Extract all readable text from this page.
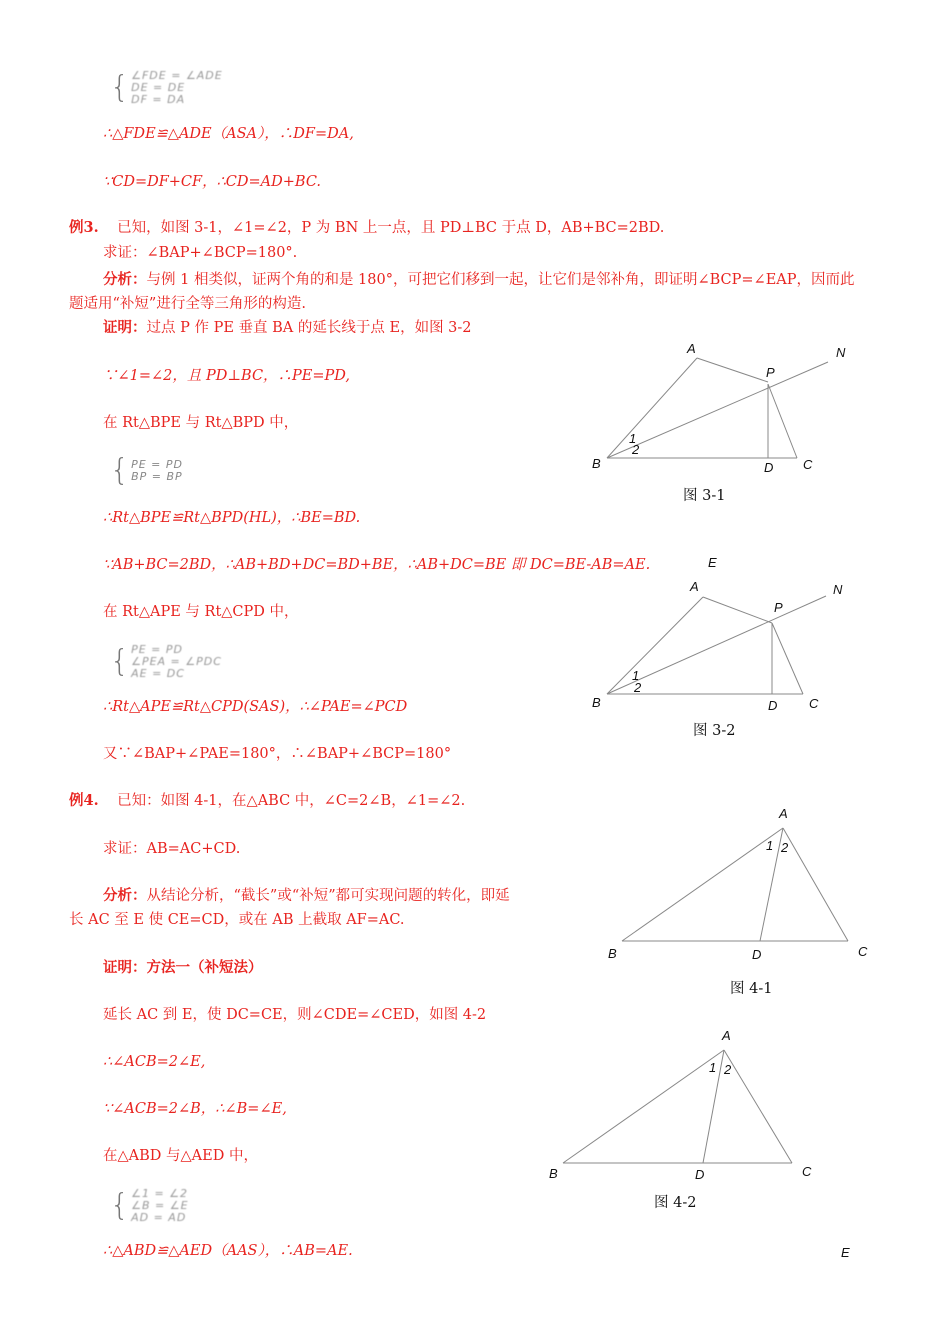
{ ∠FDE = ∠ADE
DE = DE
DF = DA
∴△FDE≌△ADE（ASA），∴DF=DA,
∵CD=DF+CF，∴CD=AD+BC.
例3. 已知，如图 3-1，∠1=∠2，P 为 BN 上一点，且 PD⊥BC 于点 D，AB+BC=2BD.
求证：∠BAP+∠BCP=180°.
分析：与例 1 相类似，证两个角的和是 180°，可把它们移到一起，让它们是邻补角，即证明∠BCP=∠EAP，因而此题适用“补短”进行全等三角形的构造.
证明：过点 P 作 PE 垂直 BA 的延长线于点 E，如图 3-2
∵∠1=∠2，且 PD⊥BC，∴PE=PD,
在 Rt△BPE 与 Rt△BPD 中，
{ PE = PD
BP = BP
∴Rt△BPE≌Rt△BPD(HL)，∴BE=BD.
∵AB+BC=2BD，∴AB+BD+DC=BD+BE，∴AB+DC=BE 即 DC=BE-AB=AE.
在 Rt△APE 与 Rt△CPD 中，
{ PE = PD
∠PEA = ∠PDC
AE = DC
∴Rt△APE≌Rt△CPD(SAS)，∴∠PAE=∠PCD
又∵∠BAP+∠PAE=180°，∴∠BAP+∠BCP=180°
例4. 已知：如图 4-1，在△ABC 中，∠C=2∠B，∠1=∠2.
求证：AB=AC+CD.
分析：从结论分析，“截长”或“补短”都可实现问题的转化，即延
长 AC 至 E 使 CE=CD，或在 AB 上截取 AF=AC.
证明：方法一（补短法）
延长 AC 到 E，使 DC=CE，则∠CDE=∠CED，如图 4-2
∴∠ACB=2∠E,
∵∠ACB=2∠B，∴∠B=∠E,
在△ABD 与△AED 中，
{ ∠1 = ∠2
∠B = ∠E
AD = AD
∴△ABD≌△AED（AAS），∴AB=AE.
A
P
N
B	D C
1
2
图 3-1
E
A
P
N
B	D C
1
2
图 3-2
A
1 2
B	D	C
图 4-1
A
1 2
B	D	C
E
图 4-2
